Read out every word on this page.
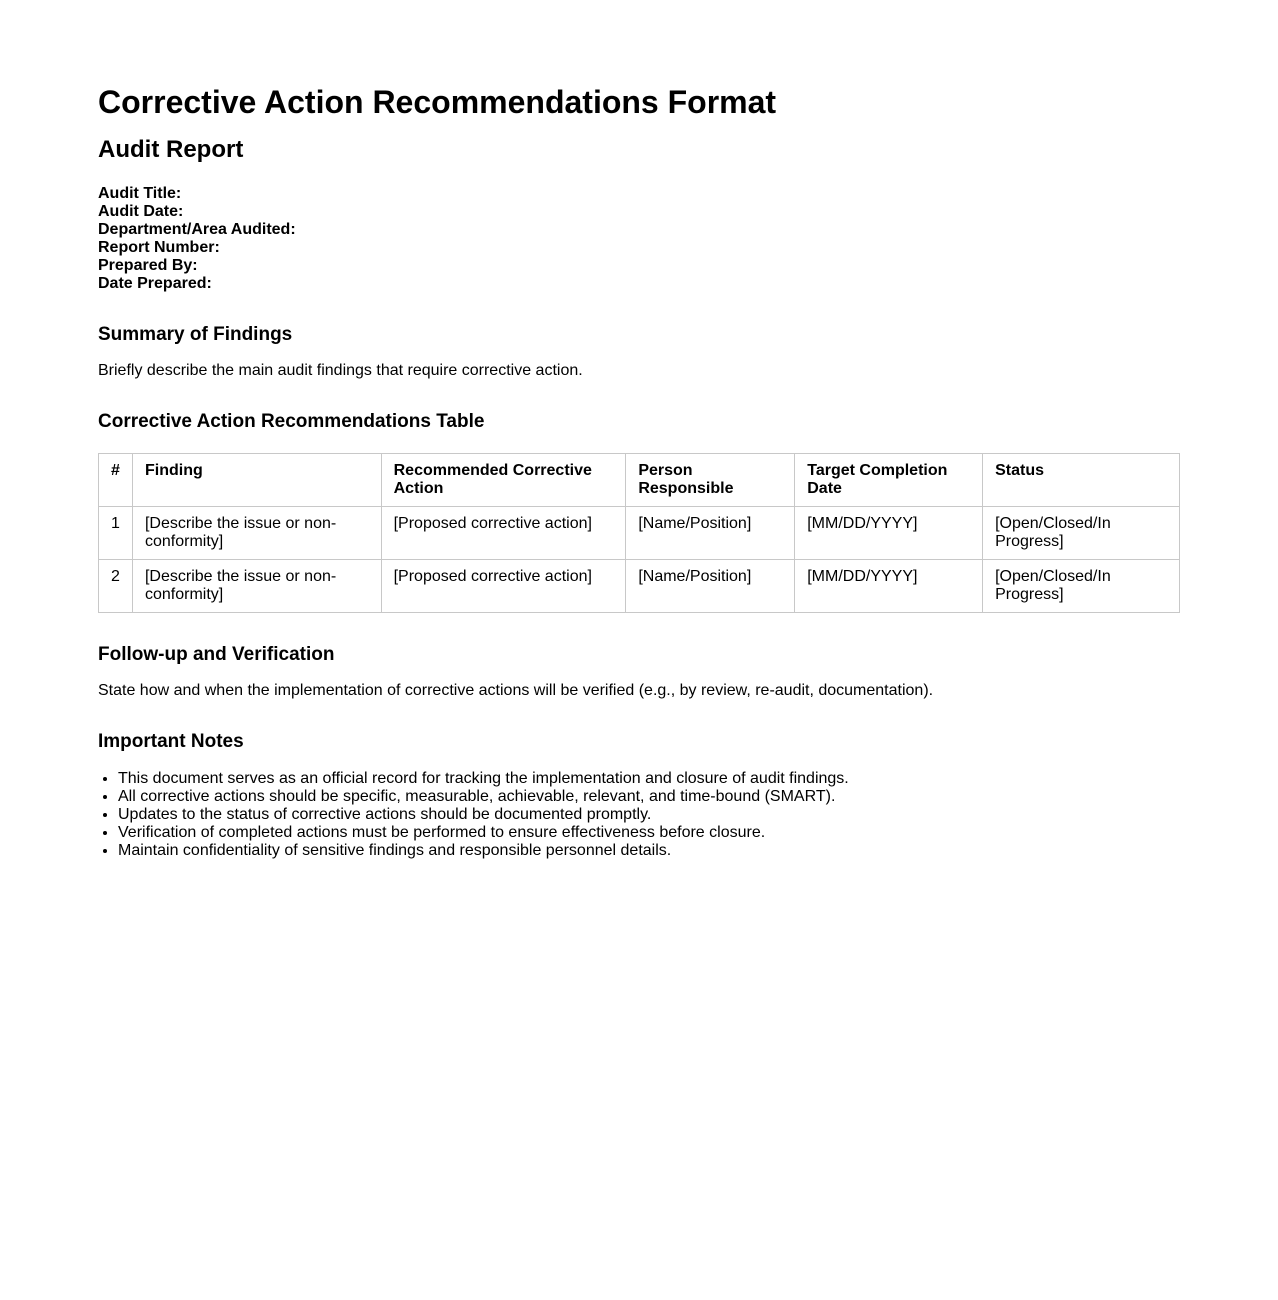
Corrective Action Recommendations Format
Audit Report
Audit Title:
Audit Date:
Department/Area Audited:
Report Number:
Prepared By:
Date Prepared:
Summary of Findings

Briefly describe the main audit findings that require corrective action.

Corrective Action Recommendations Table
#	Finding	Recommended Corrective Action	Person Responsible	Target Completion Date	Status
1	[Describe the issue or non-conformity]	[Proposed corrective action]	[Name/Position]	[MM/DD/YYYY]	[Open/Closed/In Progress]
2	[Describe the issue or non-conformity]	[Proposed corrective action]	[Name/Position]	[MM/DD/YYYY]	[Open/Closed/In Progress]
Follow-up and Verification

State how and when the implementation of corrective actions will be verified (e.g., by review, re-audit, documentation).

Important Notes
• This document serves as an official record for tracking the implementation and closure of audit findings.
• All corrective actions should be specific, measurable, achievable, relevant, and time-bound (SMART).
• Updates to the status of corrective actions should be documented promptly.
• Verification of completed actions must be performed to ensure effectiveness before closure.
• Maintain confidentiality of sensitive findings and responsible personnel details.
